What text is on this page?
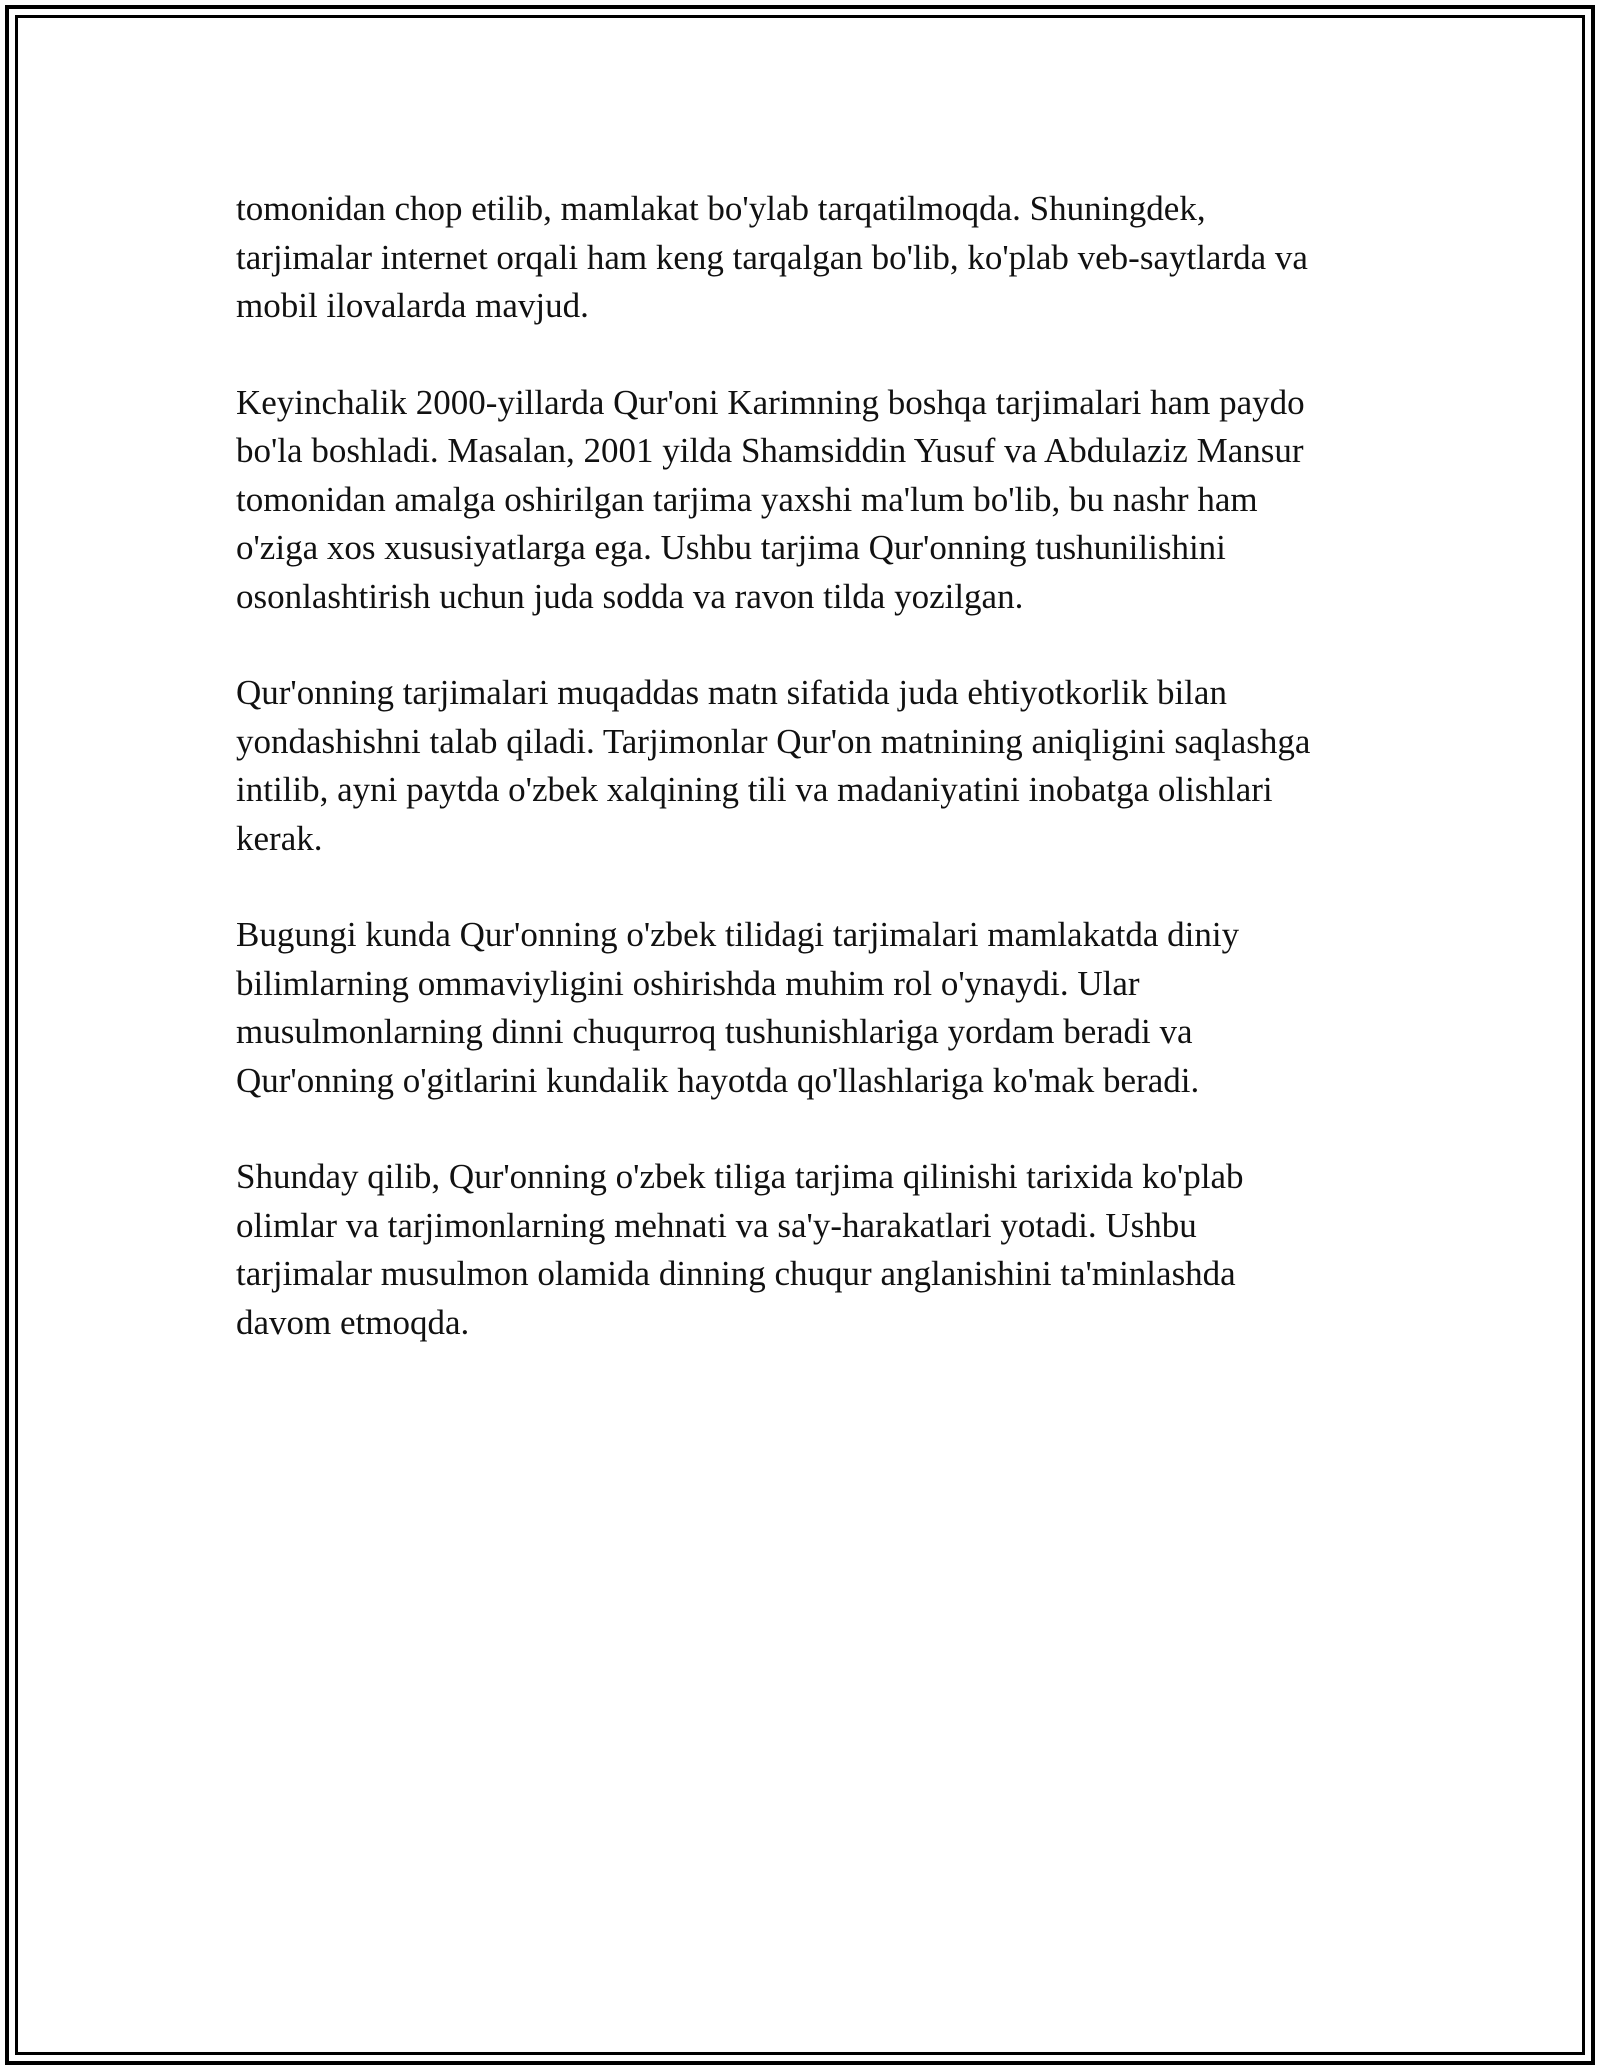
tomonidan chop etilib, mamlakat bo'ylab tarqatilmoqda. Shuningdek,
tarjimalar internet orqali ham keng tarqalgan bo'lib, ko'plab veb-saytlarda va
mobil ilovalarda mavjud.

Keyinchalik 2000-yillarda Qur'oni Karimning boshqa tarjimalari ham paydo
bo'la boshladi. Masalan, 2001 yilda Shamsiddin Yusuf va Abdulaziz Mansur
tomonidan amalga oshirilgan tarjima yaxshi ma'lum bo'lib, bu nashr ham
o'ziga xos xususiyatlarga ega. Ushbu tarjima Qur'onning tushunilishini
osonlashtirish uchun juda sodda va ravon tilda yozilgan.

Qur'onning tarjimalari muqaddas matn sifatida juda ehtiyotkorlik bilan
yondashishni talab qiladi. Tarjimonlar Qur'on matnining aniqligini saqlashga
intilib, ayni paytda o'zbek xalqining tili va madaniyatini inobatga olishlari
kerak.

Bugungi kunda Qur'onning o'zbek tilidagi tarjimalari mamlakatda diniy
bilimlarning ommaviyligini oshirishda muhim rol o'ynaydi. Ular
musulmonlarning dinni chuqurroq tushunishlariga yordam beradi va
Qur'onning o'gitlarini kundalik hayotda qo'llashlariga ko'mak beradi.

Shunday qilib, Qur'onning o'zbek tiliga tarjima qilinishi tarixida ko'plab
olimlar va tarjimonlarning mehnati va sa'y-harakatlari yotadi. Ushbu
tarjimalar musulmon olamida dinning chuqur anglanishini ta'minlashda
davom etmoqda.
